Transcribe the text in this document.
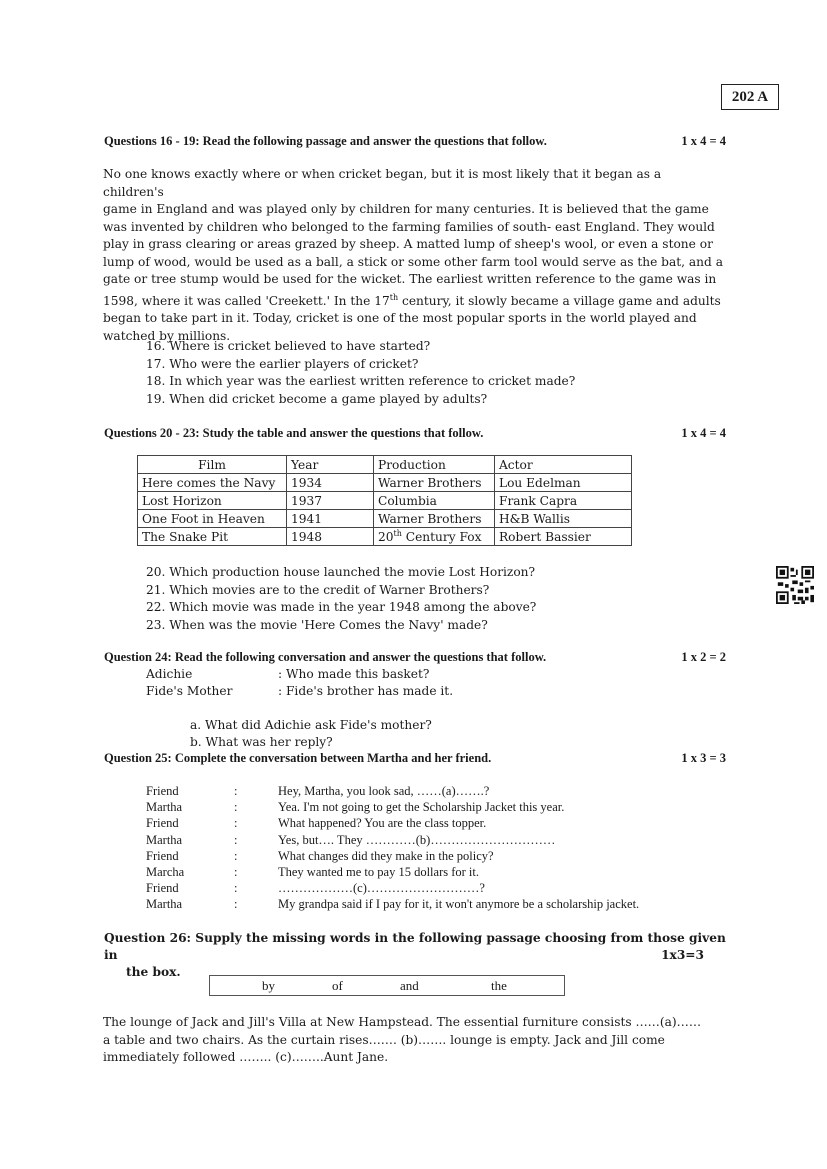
202 A
Questions 16 - 19: Read the following passage and answer the questions that follow.	1 x 4 = 4
No one knows exactly where or when cricket began, but it is most likely that it began as a children's
game in England and was played only by children for many centuries. It is believed that the game
was invented by children who belonged to the farming families of south- east England. They would
play in grass clearing or areas grazed by sheep. A matted lump of sheep's wool, or even a stone or
lump of wood, would be used as a ball, a stick or some other farm tool would serve as the bat, and a
gate or tree stump would be used for the wicket. The earliest written reference to the game was in
1598, where it was called 'Creekett.' In the 17th century, it slowly became a village game and adults
began to take part in it. Today, cricket is one of the most popular sports in the world played and
watched by millions.
16. Where is cricket believed to have started?
17. Who were the earlier players of cricket?
18. In which year was the earliest written reference to cricket made?
19. When did cricket become a game played by adults?
Questions 20 - 23: Study the table and answer the questions that follow.	1 x 4 = 4
Film	Year	Production	Actor
Here comes the Navy	1934	Warner Brothers	Lou Edelman
Lost Horizon	1937	Columbia	Frank Capra
One Foot in Heaven	1941	Warner Brothers	H&B Wallis
The Snake Pit	1948	20th Century Fox	Robert Bassier
20. Which production house launched the movie Lost Horizon?
21. Which movies are to the credit of Warner Brothers?
22. Which movie was made in the year 1948 among the above?
23. When was the movie 'Here Comes the Navy' made?
Question 24: Read the following conversation and answer the questions that follow.	1 x 2 = 2
Adichie	: Who made this basket?
Fide's Mother	: Fide's brother has made it.
a. What did Adichie ask Fide's mother?
b. What was her reply?
Question 25: Complete the conversation between Martha and her friend.	1 x 3 = 3
Friend	:	Hey, Martha, you look sad, ……(a)…….?
Martha	:	Yea. I'm not going to get the Scholarship Jacket this year.
Friend	:	What happened? You are the class topper.
Martha	:	Yes, but…. They …………(b)…………………………
Friend	:	What changes did they make in the policy?
Marcha	:	They wanted me to pay 15 dollars for it.
Friend	:	………………(c)………………………?
Martha	:	My grandpa said if I pay for it, it won't anymore be a scholarship jacket.
Question 26: Supply the missing words in the following passage choosing from those given in
the box.
1x3=3
by	of	and	the
The lounge of Jack and Jill's Villa at New Hampstead. The essential furniture consists ……(a)……
a table and two chairs. As the curtain rises……. (b)……. lounge is empty. Jack and Jill come
immediately followed …….. (c)……..Aunt Jane.
